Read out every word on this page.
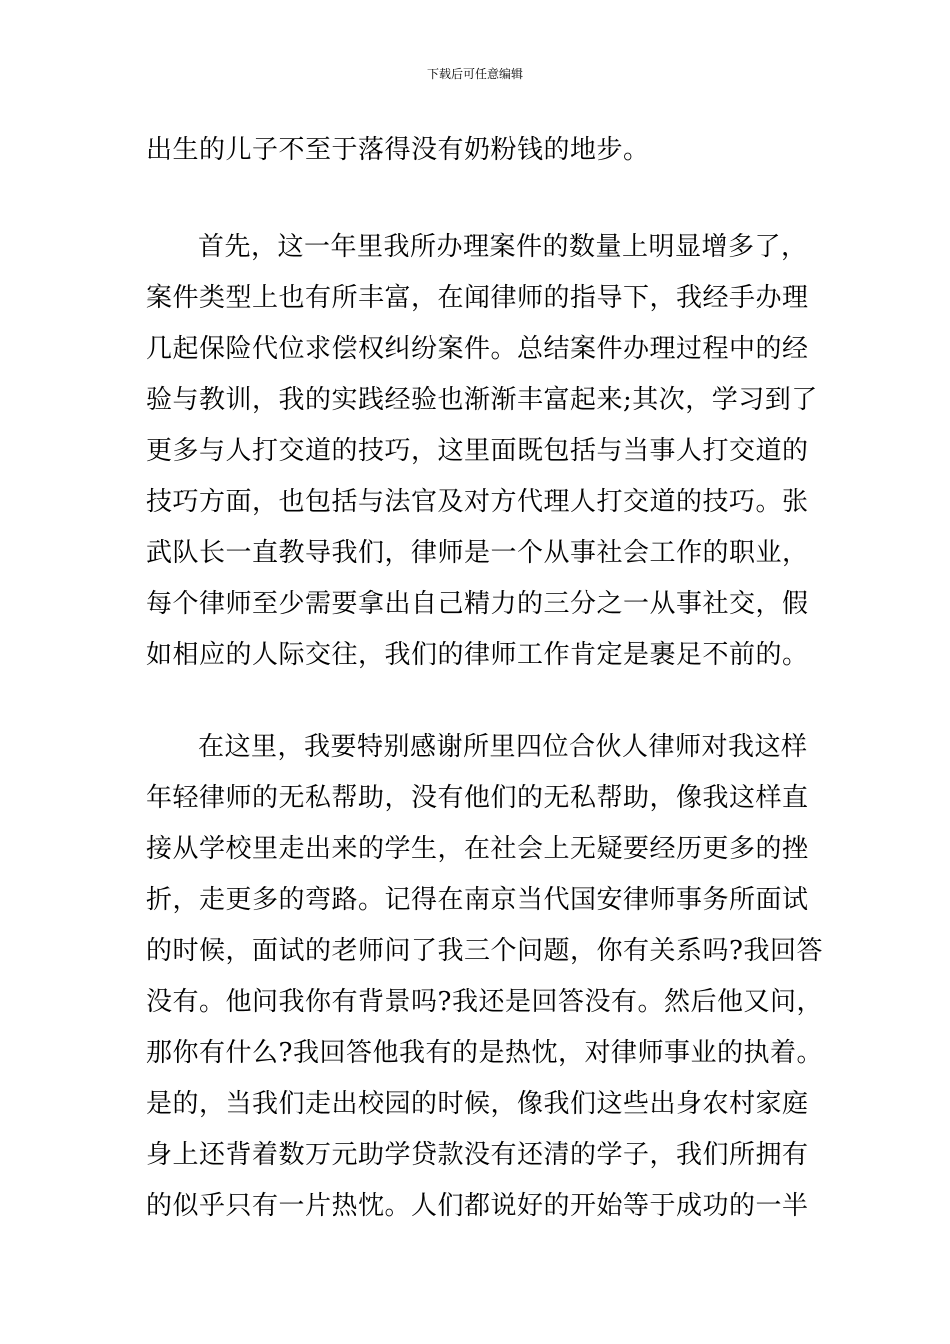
下载后可任意编辑
出生的儿子不至于落得没有奶粉钱的地步。
首先，这一年里我所办理案件的数量上明显增多了，
案件类型上也有所丰富，在闻律师的指导下，我经手办理
几起保险代位求偿权纠纷案件。总结案件办理过程中的经
验与教训，我的实践经验也渐渐丰富起来;其次，学习到了
更多与人打交道的技巧，这里面既包括与当事人打交道的
技巧方面，也包括与法官及对方代理人打交道的技巧。张
武队长一直教导我们，律师是一个从事社会工作的职业，
每个律师至少需要拿出自己精力的三分之一从事社交，假
如相应的人际交往，我们的律师工作肯定是裹足不前的。
在这里，我要特别感谢所里四位合伙人律师对我这样
年轻律师的无私帮助，没有他们的无私帮助，像我这样直
接从学校里走出来的学生，在社会上无疑要经历更多的挫
折，走更多的弯路。记得在南京当代国安律师事务所面试
的时候，面试的老师问了我三个问题，你有关系吗?我回答
没有。他问我你有背景吗?我还是回答没有。然后他又问，
那你有什么?我回答他我有的是热忱，对律师事业的执着。
是的，当我们走出校园的时候，像我们这些出身农村家庭
身上还背着数万元助学贷款没有还清的学子，我们所拥有
的似乎只有一片热忱。人们都说好的开始等于成功的一半
